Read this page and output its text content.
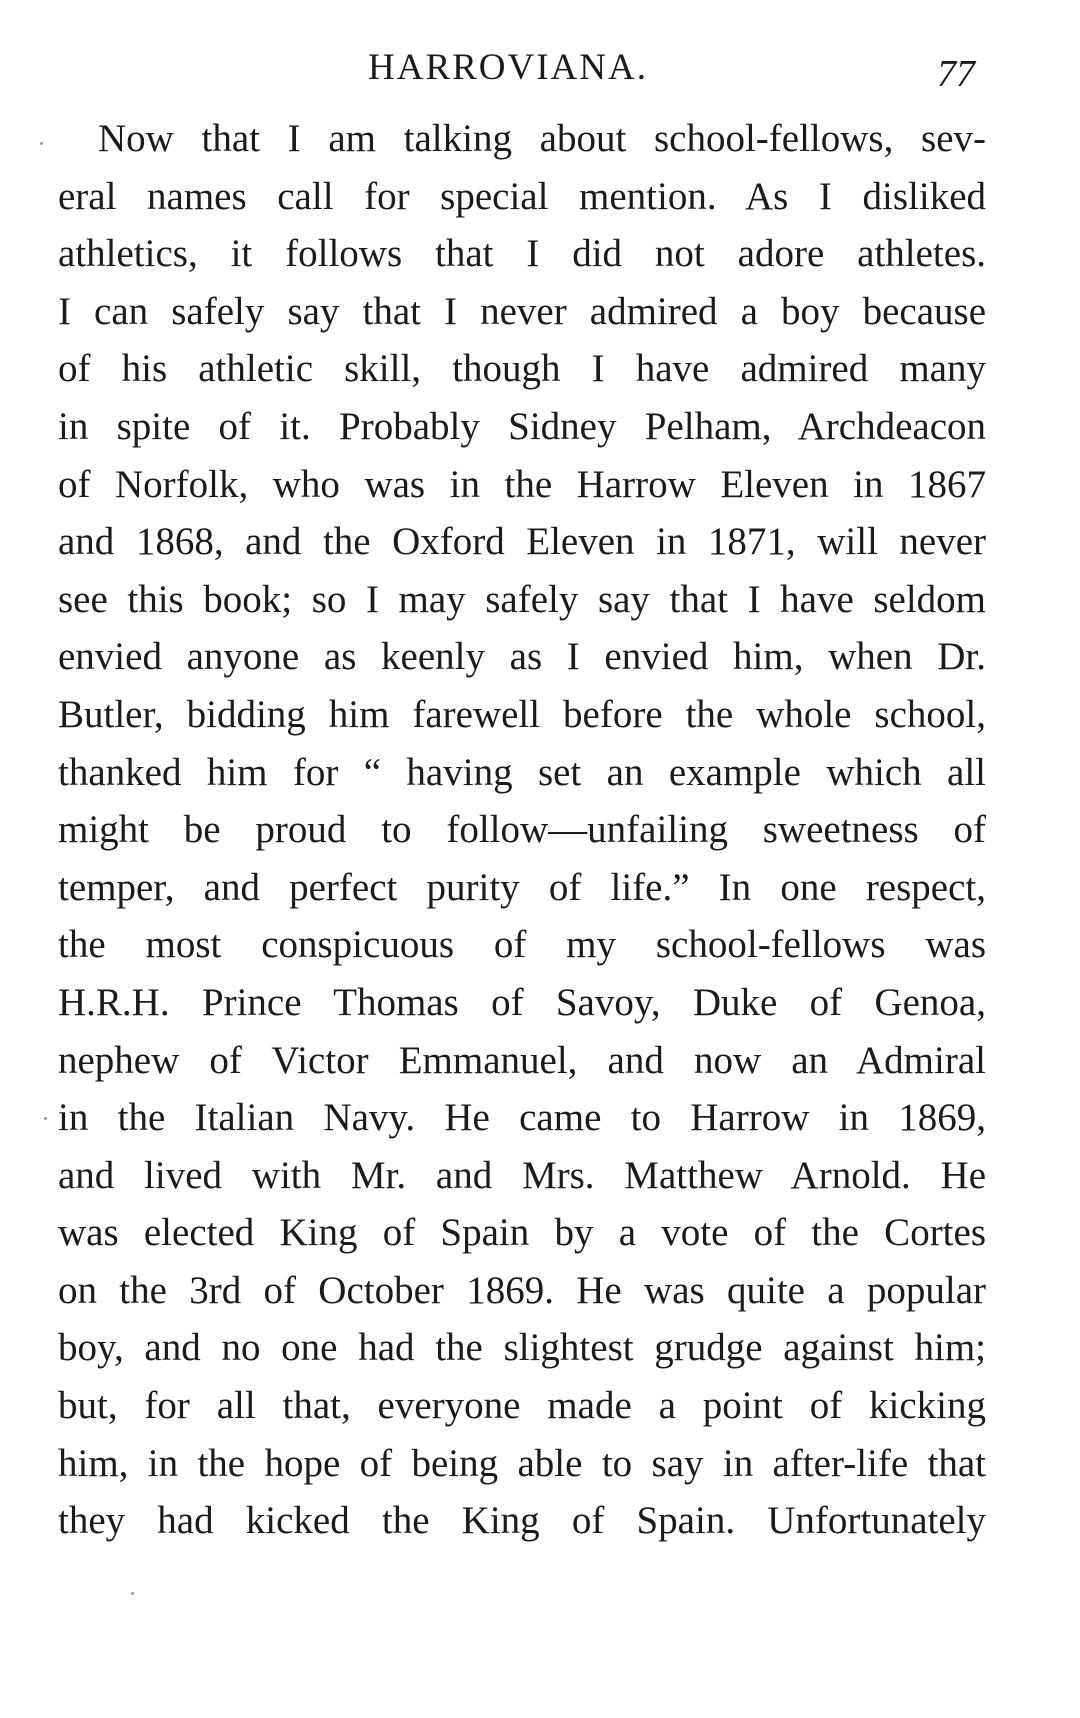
HARROVIANA.	77
Now that I am talking about school-fellows, sev-
eral names call for special mention. As I disliked
athletics, it follows that I did not adore athletes.
I can safely say that I never admired a boy because
of his athletic skill, though I have admired many
in spite of it. Probably Sidney Pelham, Archdeacon
of Norfolk, who was in the Harrow Eleven in 1867
and 1868, and the Oxford Eleven in 1871, will never
see this book; so I may safely say that I have seldom
envied anyone as keenly as I envied him, when Dr.
Butler, bidding him farewell before the whole school,
thanked him for “ having set an example which all
might be proud to follow—unfailing sweetness of
temper, and perfect purity of life.” In one respect,
the most conspicuous of my school-fellows was
H.R.H. Prince Thomas of Savoy, Duke of Genoa,
nephew of Victor Emmanuel, and now an Admiral
in the Italian Navy. He came to Harrow in 1869,
and lived with Mr. and Mrs. Matthew Arnold. He
was elected King of Spain by a vote of the Cortes
on the 3rd of October 1869. He was quite a popular
boy, and no one had the slightest grudge against him;
but, for all that, everyone made a point of kicking
him, in the hope of being able to say in after-life that
they had kicked the King of Spain. Unfortunately
